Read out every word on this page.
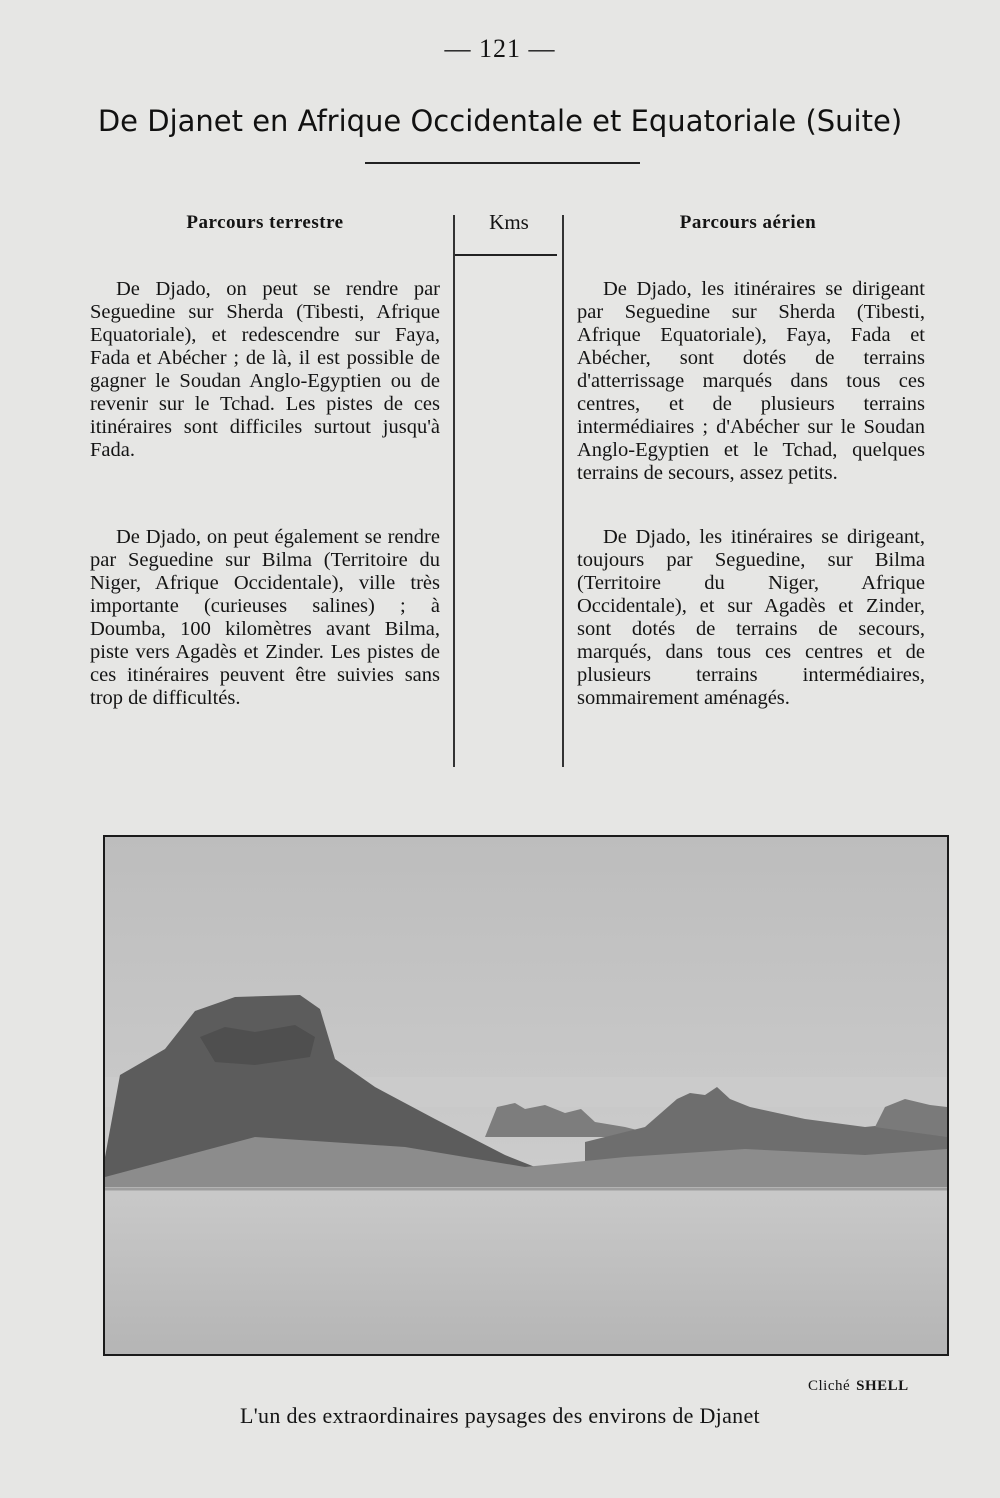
— 121 —
De Djanet en Afrique Occidentale et Equatoriale (Suite)
Parcours terrestre	Kms	Parcours aérien

De Djado, on peut se rendre par Seguedine sur Sherda (Tibesti, Afrique Equatoriale), et redescendre sur Faya, Fada et Abécher ; de là, il est possible de gagner le Soudan Anglo-Egyptien ou de revenir sur le Tchad. Les pistes de ces itinéraires sont difficiles surtout jusqu'à Fada.

De Djado, on peut également se rendre par Seguedine sur Bilma (Territoire du Niger, Afrique Occidentale), ville très importante (curieuses salines) ; à Doumba, 100 kilomètres avant Bilma, piste vers Agadès et Zinder. Les pistes de ces itinéraires peuvent être suivies sans trop de difficultés.

De Djado, les itinéraires se dirigeant par Seguedine sur Sherda (Tibesti, Afrique Equatoriale), Faya, Fada et Abécher, sont dotés de terrains d'atterrissage marqués dans tous ces centres, et de plusieurs terrains intermédiaires ; d'Abécher sur le Soudan Anglo-Egyptien et le Tchad, quelques terrains de secours, assez petits.

De Djado, les itinéraires se dirigeant, toujours par Seguedine, sur Bilma (Territoire du Niger, Afrique Occidentale), et sur Agadès et Zinder, sont dotés de terrains de secours, marqués, dans tous ces centres et de plusieurs terrains intermédiaires, sommairement aménagés.

Cliché SHELL
L'un des extraordinaires paysages des environs de Djanet
